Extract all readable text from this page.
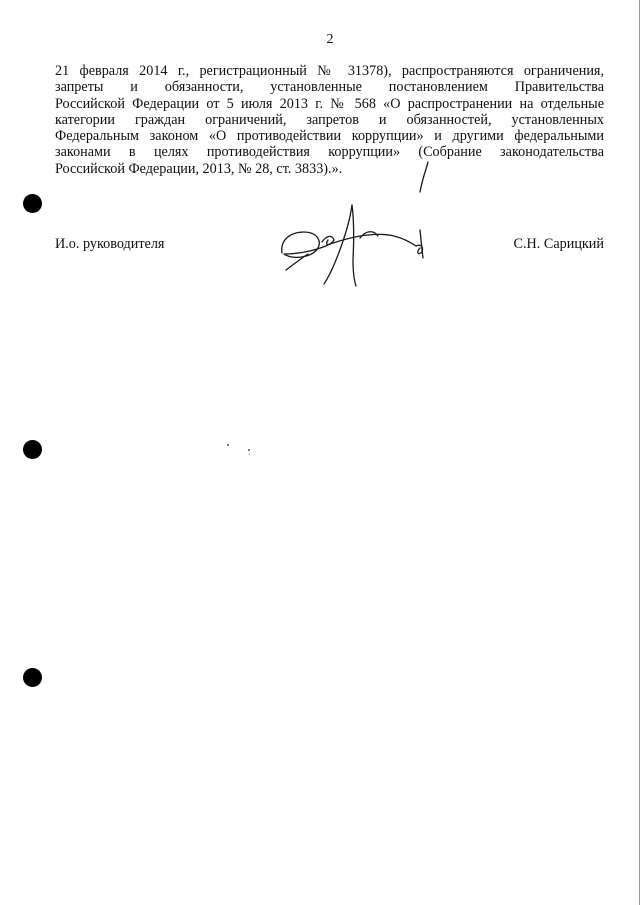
2
21 февраля 2014 г., регистрационный № 31378), распространяются ограничения,
запреты и обязанности, установленные постановлением Правительства
Российской Федерации от 5 июля 2013 г. № 568 «О распространении на отдельные
категории граждан ограничений, запретов и обязанностей, установленных
Федеральным законом «О противодействии коррупции» и другими федеральными
законами в целях противодействия коррупции» (Собрание законодательства
Российской Федерации, 2013, № 28, ст. 3833).».
И.о. руководителя	С.Н. Сарицкий
